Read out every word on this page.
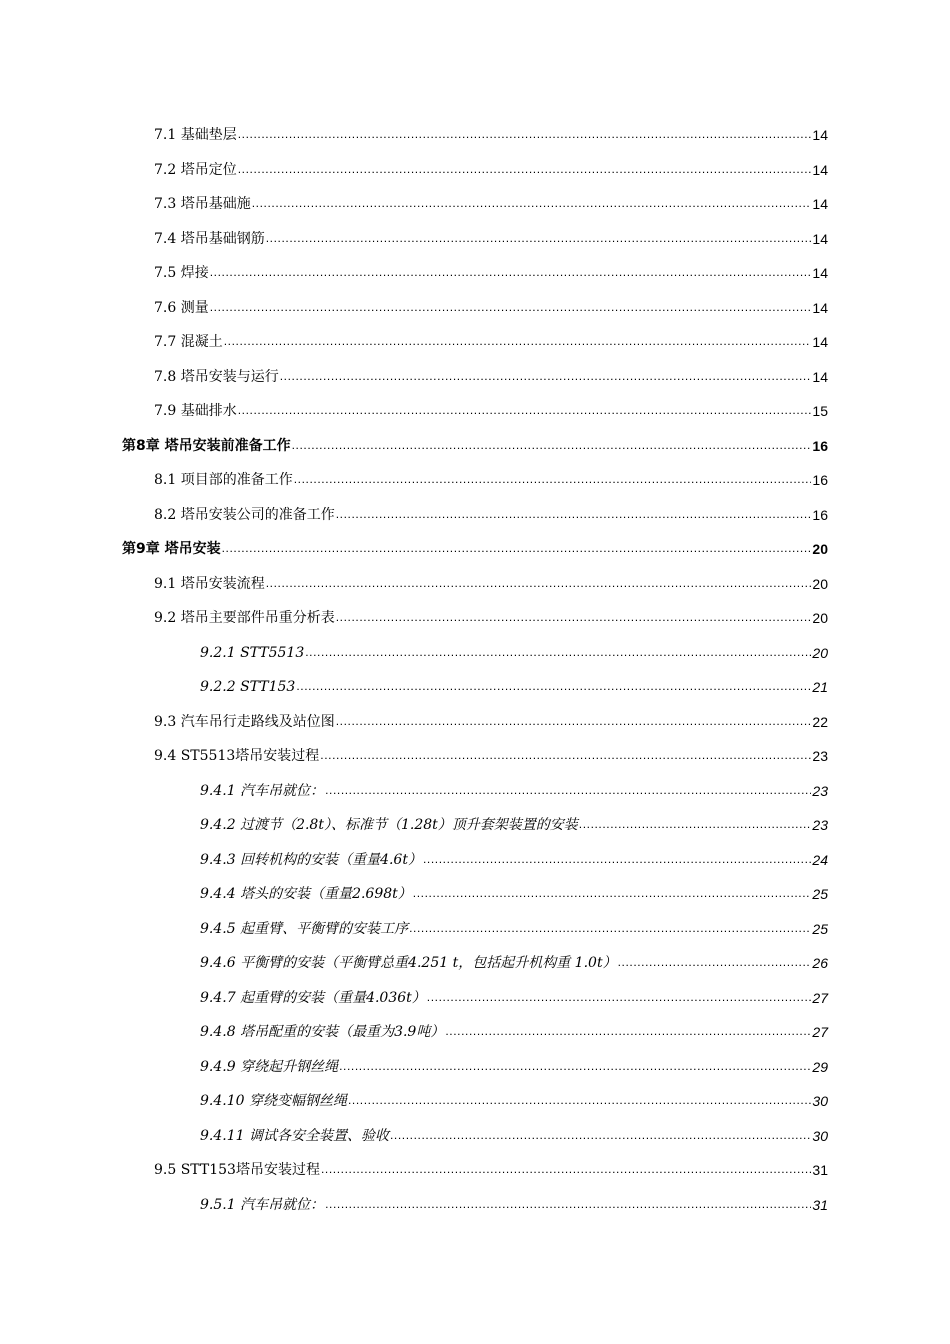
7.1 基础垫层 .....	14
7.2 塔吊定位 .....	14
7.3 塔吊基础施 .....	14
7.4 塔吊基础钢筋 .....	14
7.5 焊接 .....	14
7.6 测量 .....	14
7.7 混凝土 .....	14
7.8 塔吊安装与运行 .....	14
7.9 基础排水 .....	15
第8章 塔吊安装前准备工作 .....	16
8.1 项目部的准备工作 .....	16
8.2 塔吊安装公司的准备工作 .....	16
第9章 塔吊安装 .....	20
9.1 塔吊安装流程 .....	20
9.2 塔吊主要部件吊重分析表 .....	20
9.2.1 STT5513 .....	20
9.2.2 STT153 .....	21
9.3 汽车吊行走路线及站位图 .....	22
9.4 ST5513塔吊安装过程 .....	23
9.4.1 汽车吊就位： .....	23
9.4.2 过渡节（2.8t）、标准节（1.28t）顶升套架装置的安装 .....	23
9.4.3 回转机构的安装（重量4.6t） .....	24
9.4.4 塔头的安装（重量2.698t） .....	25
9.4.5 起重臂、平衡臂的安装工序 .....	25
9.4.6 平衡臂的安装（平衡臂总重4.251 t，包括起升机构重 1.0t） .....	26
9.4.7 起重臂的安装（重量4.036t） .....	27
9.4.8 塔吊配重的安装（最重为3.9吨） .....	27
9.4.9 穿绕起升钢丝绳 .....	29
9.4.10 穿绕变幅钢丝绳 .....	30
9.4.11 调试各安全装置、验收 .....	30
9.5 STT153塔吊安装过程 .....	31
9.5.1 汽车吊就位： .....	31
